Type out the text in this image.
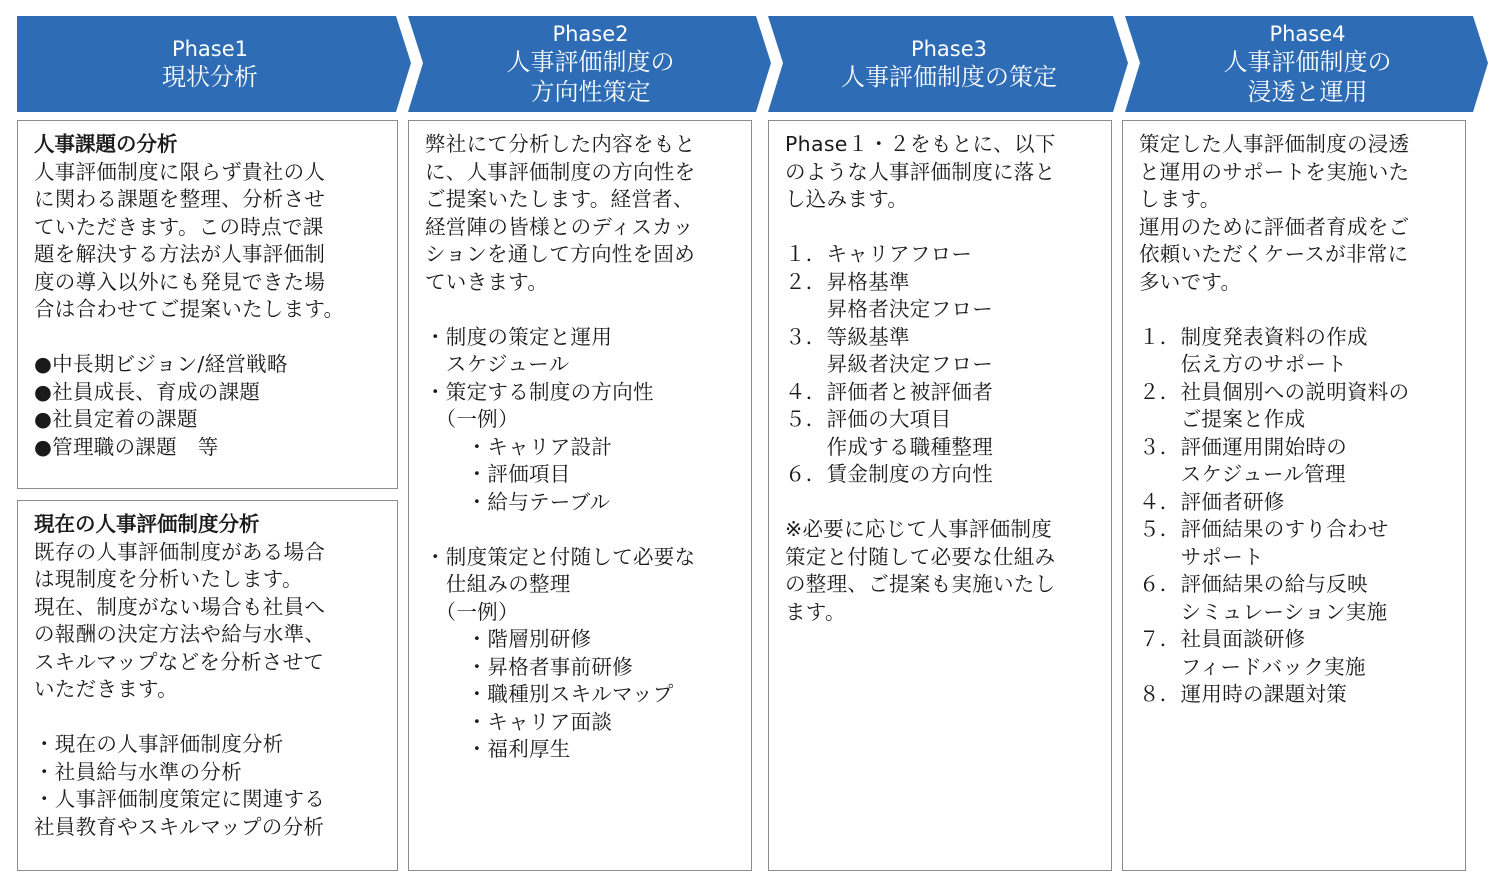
Phase1
現状分析
Phase2
人事評価制度の
方向性策定
Phase3
人事評価制度の策定
Phase4
人事評価制度の
浸透と運用
人事課題の分析
人事評価制度に限らず貴社の人
に関わる課題を整理、分析させ
ていただきます。この時点で課
題を解決する方法が人事評価制
度の導入以外にも発見できた場
合は合わせてご提案いたします。

●中長期ビジョン/経営戦略
●社員成長、育成の課題
●社員定着の課題
●管理職の課題　等
現在の人事評価制度分析
既存の人事評価制度がある場合
は現制度を分析いたします。
現在、制度がない場合も社員へ
の報酬の決定方法や給与水準、
スキルマップなどを分析させて
いただきます。

・現在の人事評価制度分析
・社員給与水準の分析
・人事評価制度策定に関連する
社員教育やスキルマップの分析
弊社にて分析した内容をもと
に、人事評価制度の方向性を
ご提案いたします。経営者、
経営陣の皆様とのディスカッ
ションを通して方向性を固め
ていきます。

・制度の策定と運用
　スケジュール
・策定する制度の方向性
　（一例）
　　・キャリア設計
　　・評価項目
　　・給与テーブル

・制度策定と付随して必要な
　仕組みの整理
　（一例）
　　・階層別研修
　　・昇格者事前研修
　　・職種別スキルマップ
　　・キャリア面談
　　・福利厚生
Phase１・２をもとに、以下
のような人事評価制度に落と
し込みます。

１．キャリアフロー
２．昇格基準
　　昇格者決定フロー
３．等級基準
　　昇級者決定フロー
４．評価者と被評価者
５．評価の大項目
　　作成する職種整理
６．賃金制度の方向性

※必要に応じて人事評価制度
策定と付随して必要な仕組み
の整理、ご提案も実施いたし
ます。
策定した人事評価制度の浸透
と運用のサポートを実施いた
します。
運用のために評価者育成をご
依頼いただくケースが非常に
多いです。

１．制度発表資料の作成
　　伝え方のサポート
２．社員個別への説明資料の
　　ご提案と作成
３．評価運用開始時の
　　スケジュール管理
４．評価者研修
５．評価結果のすり合わせ
　　サポート
６．評価結果の給与反映
　　シミュレーション実施
７．社員面談研修
　　フィードバック実施
８．運用時の課題対策
